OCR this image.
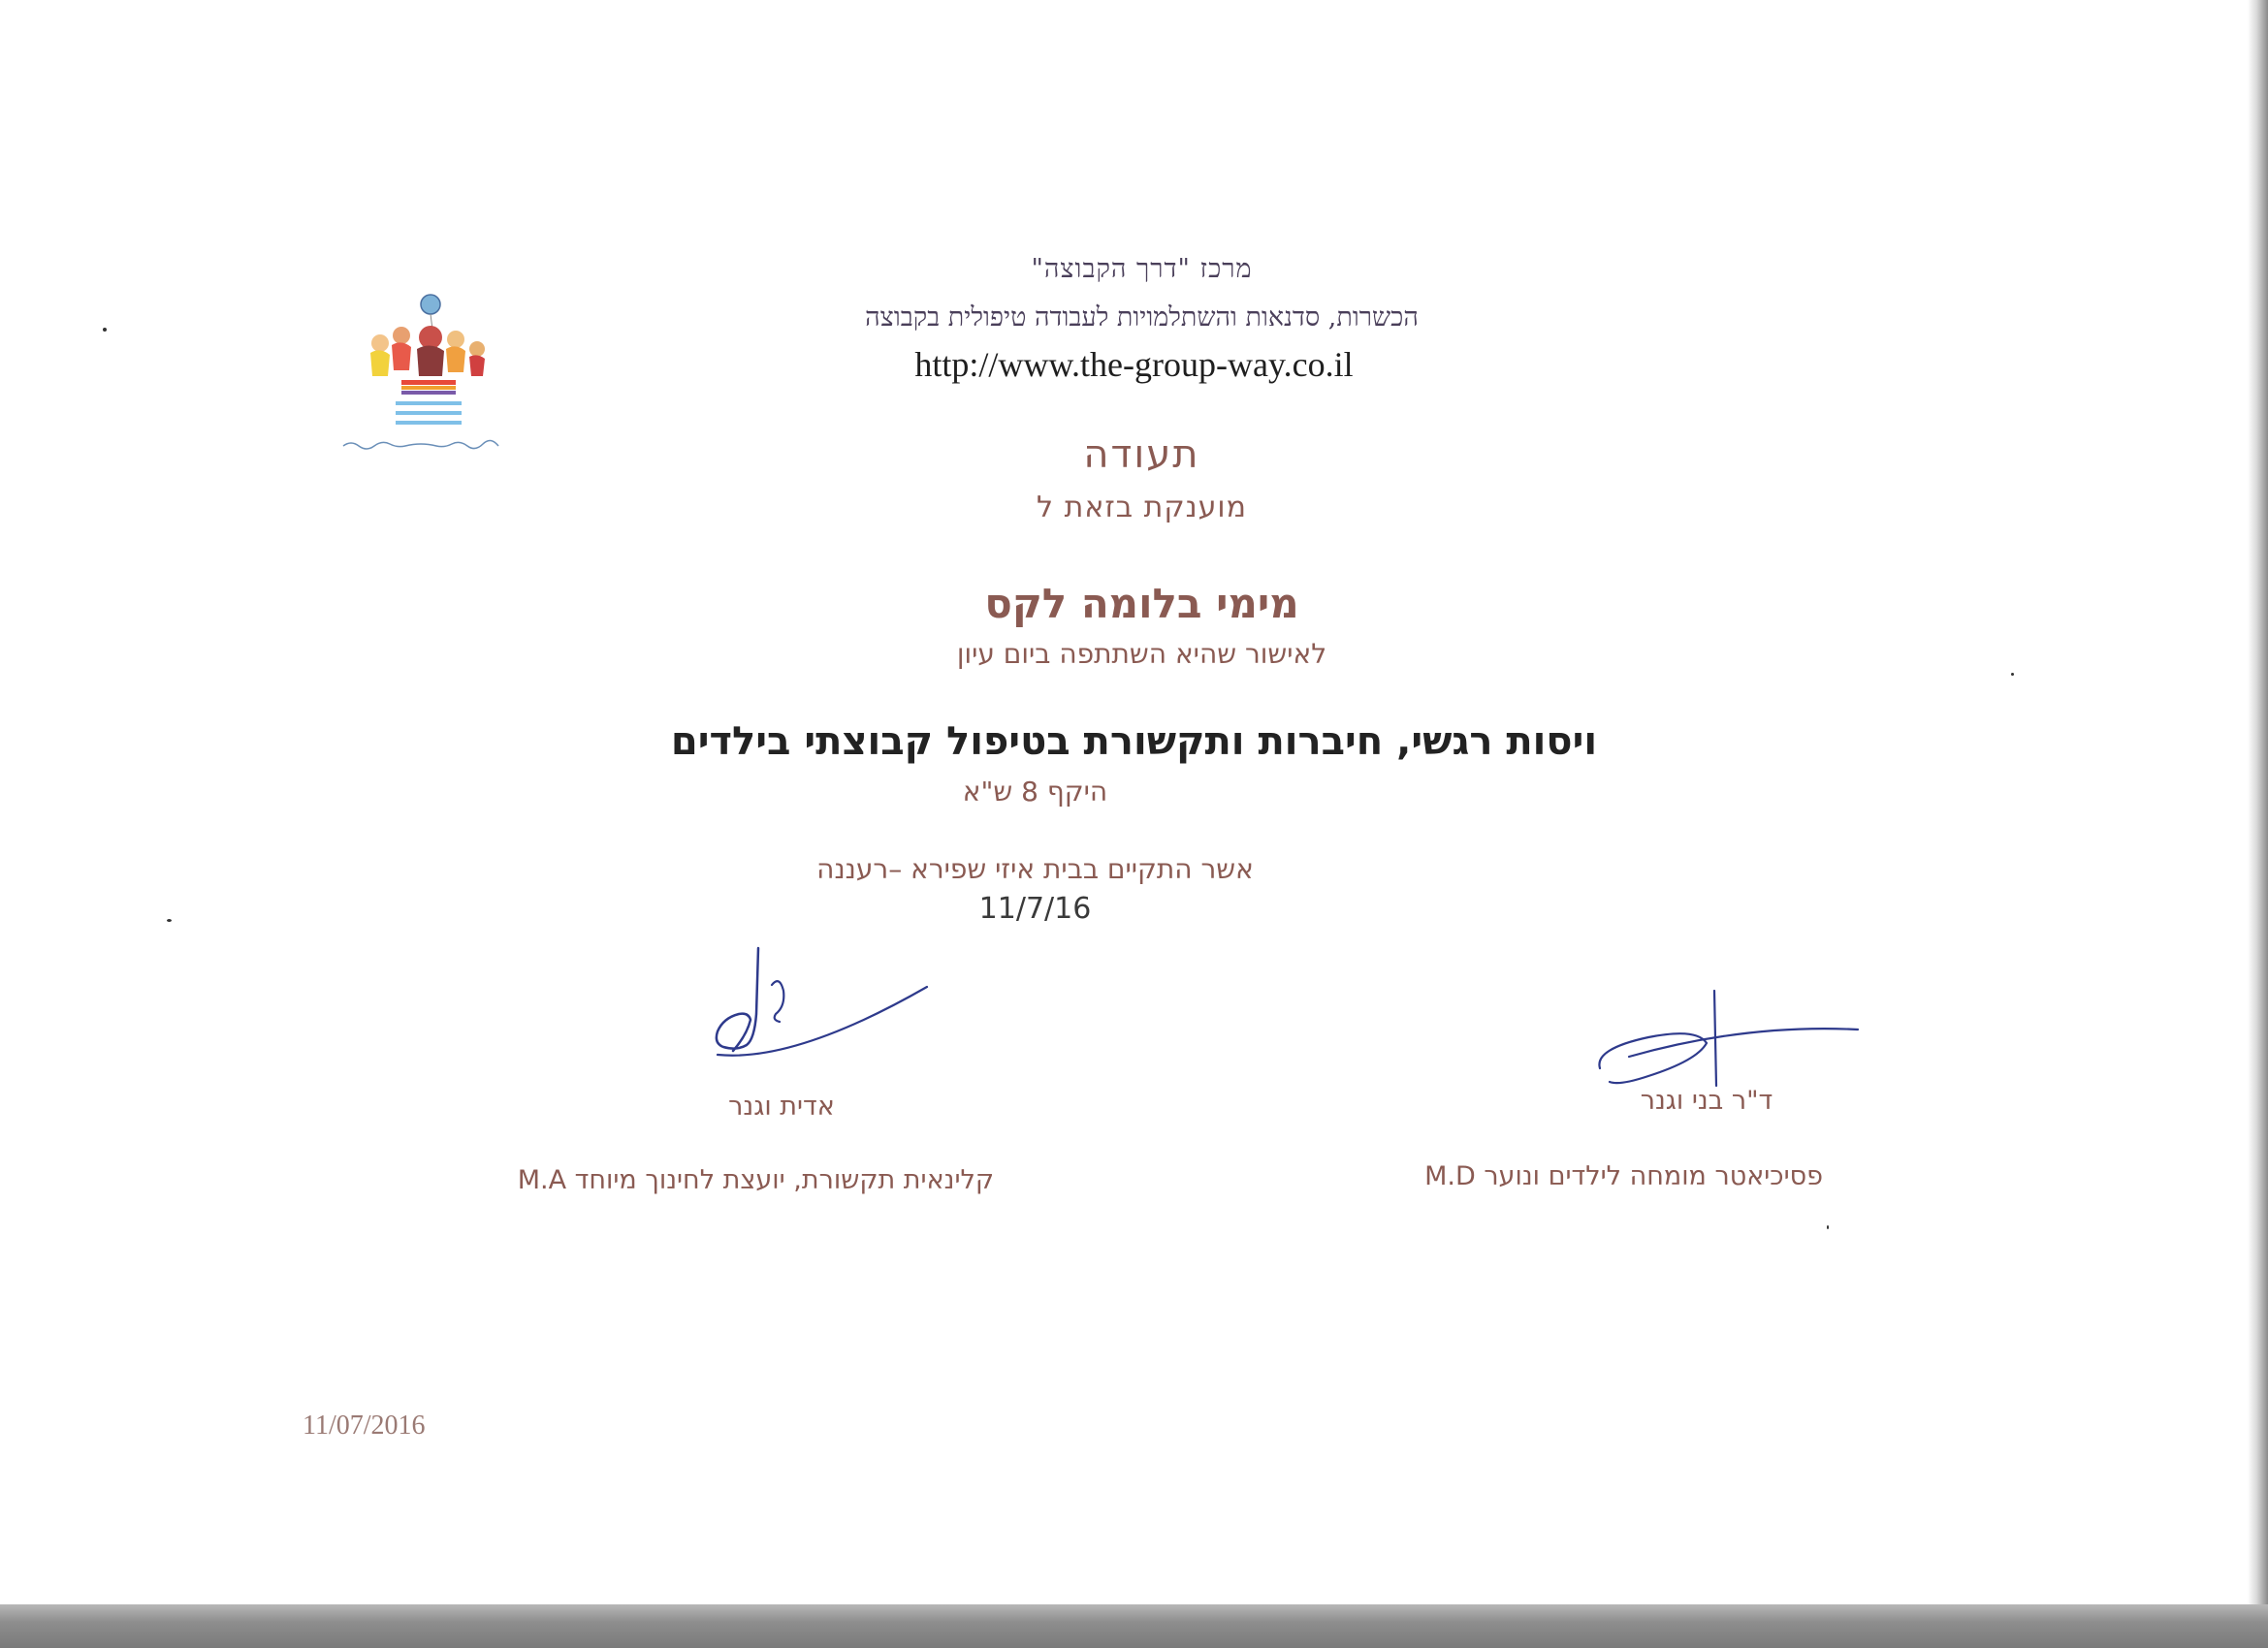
מרכז "דרך הקבוצה"
הכשרות, סדנאות והשתלמויות לעבודה טיפולית בקבוצה
http://www.the-group-way.co.il
תעודה
מוענקת בזאת ל
מימי בלומה לקס
לאישור שהיא השתתפה ביום עיון
ויסות רגשי, חיברות ותקשורת בטיפול קבוצתי בילדים
היקף 8 ש"א
אשר התקיים בבית איזי שפירא –רעננה
11/7/16
אדית וגנר	ד"ר בני וגנר
קלינאית תקשורת, יועצת לחינוך מיוחד M.A	פסיכיאטר מומחה לילדים ונוער M.D
11/07/2016
